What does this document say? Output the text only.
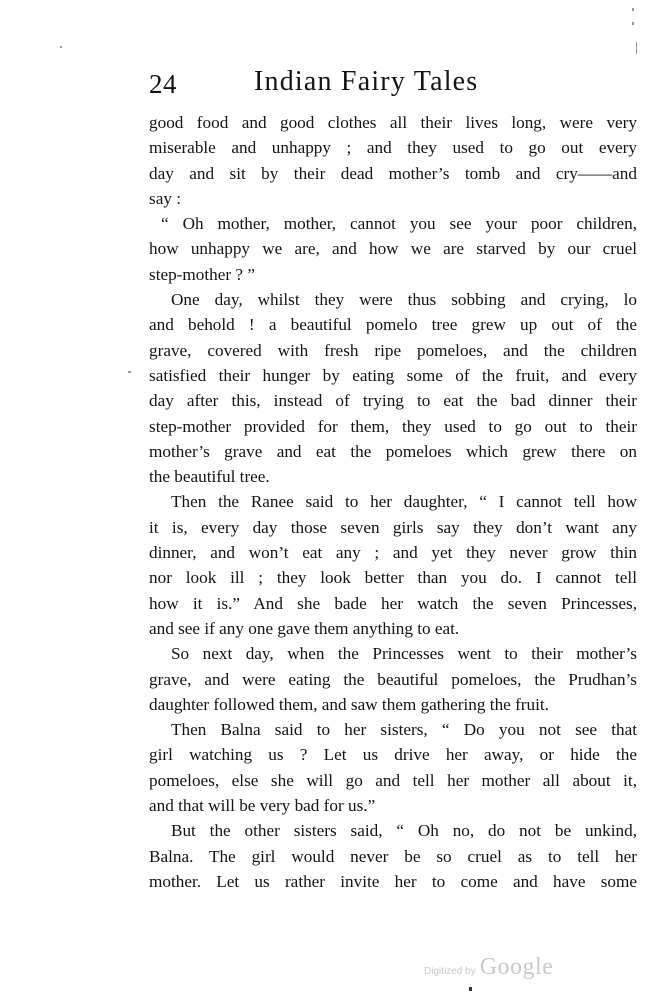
24	Indian Fairy Tales
good food and good clothes all their lives long, were very
miserable and unhappy ; and they used to go out every
day and sit by their dead mother’s tomb and cry——and
say :
“ Oh mother, mother, cannot you see your poor children,
how unhappy we are, and how we are starved by our cruel
step-mother ? ”
One day, whilst they were thus sobbing and crying, lo
and behold ! a beautiful pomelo tree grew up out of the
grave, covered with fresh ripe pomeloes, and the children
satisfied their hunger by eating some of the fruit, and every
day after this, instead of trying to eat the bad dinner their
step-mother provided for them, they used to go out to their
mother’s grave and eat the pomeloes which grew there on
the beautiful tree.
Then the Ranee said to her daughter, “ I cannot tell how
it is, every day those seven girls say they don’t want any
dinner, and won’t eat any ; and yet they never grow thin
nor look ill ; they look better than you do. I cannot tell
how it is.” And she bade her watch the seven Princesses,
and see if any one gave them anything to eat.
So next day, when the Princesses went to their mother’s
grave, and were eating the beautiful pomeloes, the Prudhan’s
daughter followed them, and saw them gathering the fruit.
Then Balna said to her sisters, “ Do you not see that
girl watching us ? Let us drive her away, or hide the
pomeloes, else she will go and tell her mother all about it,
and that will be very bad for us.”
But the other sisters said, “ Oh no, do not be unkind,
Balna. The girl would never be so cruel as to tell her
mother. Let us rather invite her to come and have some
Digitized by Google
